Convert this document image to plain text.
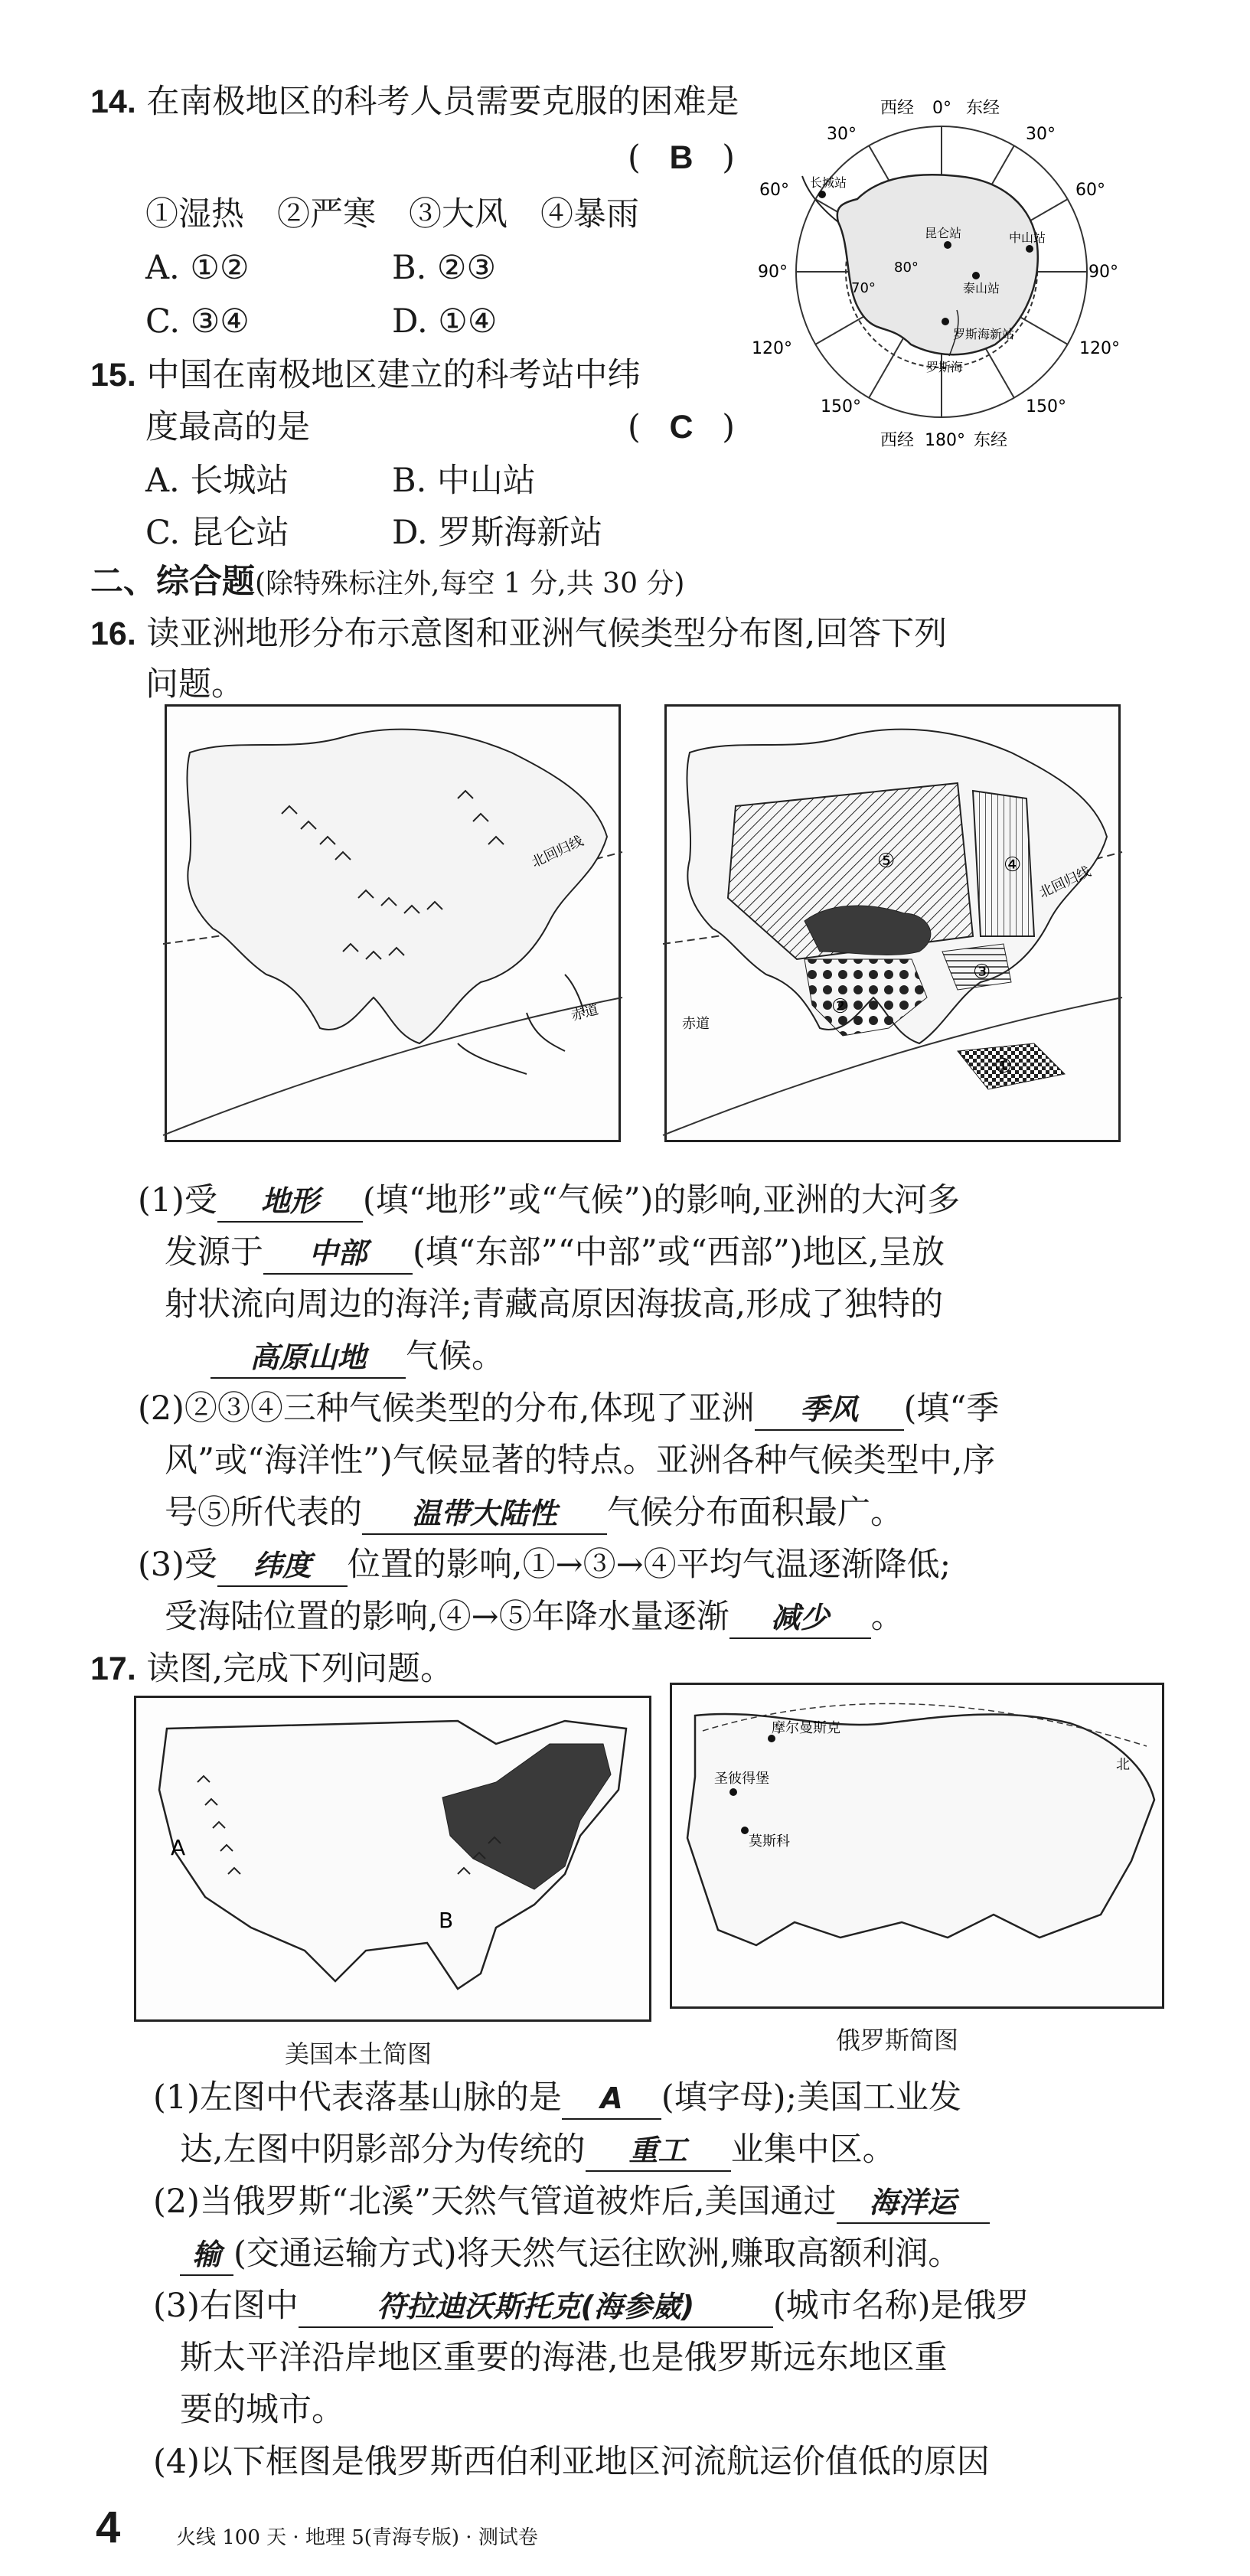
14. 在南极地区的科考人员需要克服的困难是
( B )
①湿热　②严寒　③大风　④暴雨
A. ①②	B. ②③
C. ③④	D. ①④
西经 0° 东经
西经 180° 东经
30°	30°
60°	60°
90°	90°
120°	120°
150°	150°
70°
80°
长城站
昆仑站
泰山站
中山站
罗斯海新站
罗斯海
15. 中国在南极地区建立的科考站中纬
度最高的是	( C )
A. 长城站	B. 中山站
C. 昆仑站	D. 罗斯海新站
二、综合题(除特殊标注外,每空 1 分,共 30 分)
16. 读亚洲地形分布示意图和亚洲气候类型分布图,回答下列
问题。
北回归线
赤道
⑤	④
③
②
①
北回归线
赤道
(1)受 地形 (填“地形”或“气候”)的影响,亚洲的大河多
发源于 中部 (填“东部”“中部”或“西部”)地区,呈放
射状流向周边的海洋;青藏高原因海拔高,形成了独特的
高原山地 气候。
(2)②③④三种气候类型的分布,体现了亚洲 季风 (填“季
风”或“海洋性”)气候显著的特点。亚洲各种气候类型中,序
号⑤所代表的 温带大陆性 气候分布面积最广。
(3)受 纬度 位置的影响,①→③→④平均气温逐渐降低;
受海陆位置的影响,④→⑤年降水量逐渐 减少 。
17. 读图,完成下列问题。
A
B
美国本土简图
摩尔曼斯克
圣彼得堡
莫斯科
北
俄罗斯简图
(1)左图中代表落基山脉的是 A (填字母);美国工业发
达,左图中阴影部分为传统的 重工 业集中区。
(2)当俄罗斯“北溪”天然气管道被炸后,美国通过 海洋运
输 (交通运输方式)将天然气运往欧洲,赚取高额利润。
(3)右图中	符拉迪沃斯托克(海参崴) (城市名称)是俄罗
斯太平洋沿岸地区重要的海港,也是俄罗斯远东地区重
要的城市。
(4)以下框图是俄罗斯西伯利亚地区河流航运价值低的原因
4	火线 100 天 · 地理 5(青海专版) · 测试卷
